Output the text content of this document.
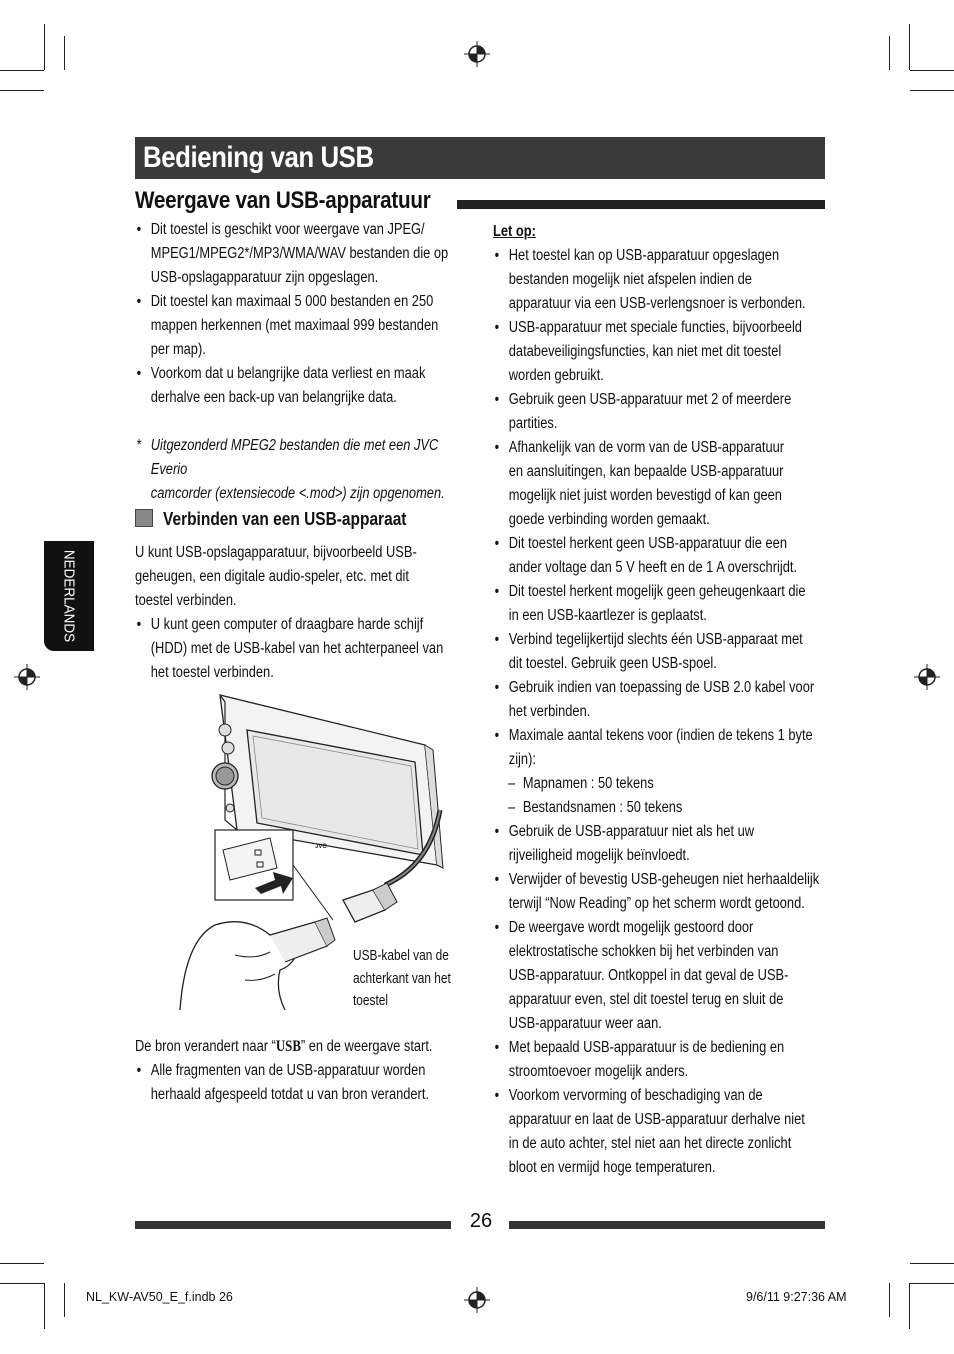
Bediening van USB
Weergave van USB-apparatuur
NEDERLANDS
• Dit toestel is geschikt voor weergave van JPEG/
MPEG1/MPEG2*/MP3/WMA/WAV bestanden die op
USB-opslagapparatuur zijn opgeslagen.
• Dit toestel kan maximaal 5 000 bestanden en 250
mappen herkennen (met maximaal 999 bestanden
per map).
• Voorkom dat u belangrijke data verliest en maak
derhalve een back-up van belangrijke data.
* Uitgezonderd MPEG2 bestanden die met een JVC Everio
camcorder (extensiecode <.mod>) zijn opgenomen.
Verbinden van een USB-apparaat
U kunt USB-opslagapparatuur, bijvoorbeeld USB-
geheugen, een digitale audio-speler, etc. met dit
toestel verbinden.
• U kunt geen computer of draagbare harde schijf
(HDD) met de USB-kabel van het achterpaneel van
het toestel verbinden.
JVC
USB-kabel van de
achterkant van het
toestel
De bron verandert naar “USB” en de weergave start.
• Alle fragmenten van de USB-apparatuur worden
herhaald afgespeeld totdat u van bron verandert.
Let op:
• Het toestel kan op USB-apparatuur opgeslagen
bestanden mogelijk niet afspelen indien de
apparatuur via een USB-verlengsnoer is verbonden.
• USB-apparatuur met speciale functies, bijvoorbeeld
databeveiligingsfuncties, kan niet met dit toestel
worden gebruikt.
• Gebruik geen USB-apparatuur met 2 of meerdere
partities.
• Afhankelijk van de vorm van de USB-apparatuur
en aansluitingen, kan bepaalde USB-apparatuur
mogelijk niet juist worden bevestigd of kan geen
goede verbinding worden gemaakt.
• Dit toestel herkent geen USB-apparatuur die een
ander voltage dan 5 V heeft en de 1 A overschrijdt.
• Dit toestel herkent mogelijk geen geheugenkaart die
in een USB-kaartlezer is geplaatst.
• Verbind tegelijkertijd slechts één USB-apparaat met
dit toestel. Gebruik geen USB-spoel.
• Gebruik indien van toepassing de USB 2.0 kabel voor
het verbinden.
• Maximale aantal tekens voor (indien de tekens 1 byte
zijn):
– Mapnamen : 50 tekens
– Bestandsnamen : 50 tekens
• Gebruik de USB-apparatuur niet als het uw
rijveiligheid mogelijk beïnvloedt.
• Verwijder of bevestig USB-geheugen niet herhaaldelijk
terwijl “Now Reading” op het scherm wordt getoond.
• De weergave wordt mogelijk gestoord door
elektrostatische schokken bij het verbinden van
USB-apparatuur. Ontkoppel in dat geval de USB-
apparatuur even, stel dit toestel terug en sluit de
USB-apparatuur weer aan.
• Met bepaald USB-apparatuur is de bediening en
stroomtoevoer mogelijk anders.
• Voorkom vervorming of beschadiging van de
apparatuur en laat de USB-apparatuur derhalve niet
in de auto achter, stel niet aan het directe zonlicht
bloot en vermijd hoge temperaturen.
26
NL_KW-AV50_E_f.indb 26	9/6/11 9:27:36 AM
